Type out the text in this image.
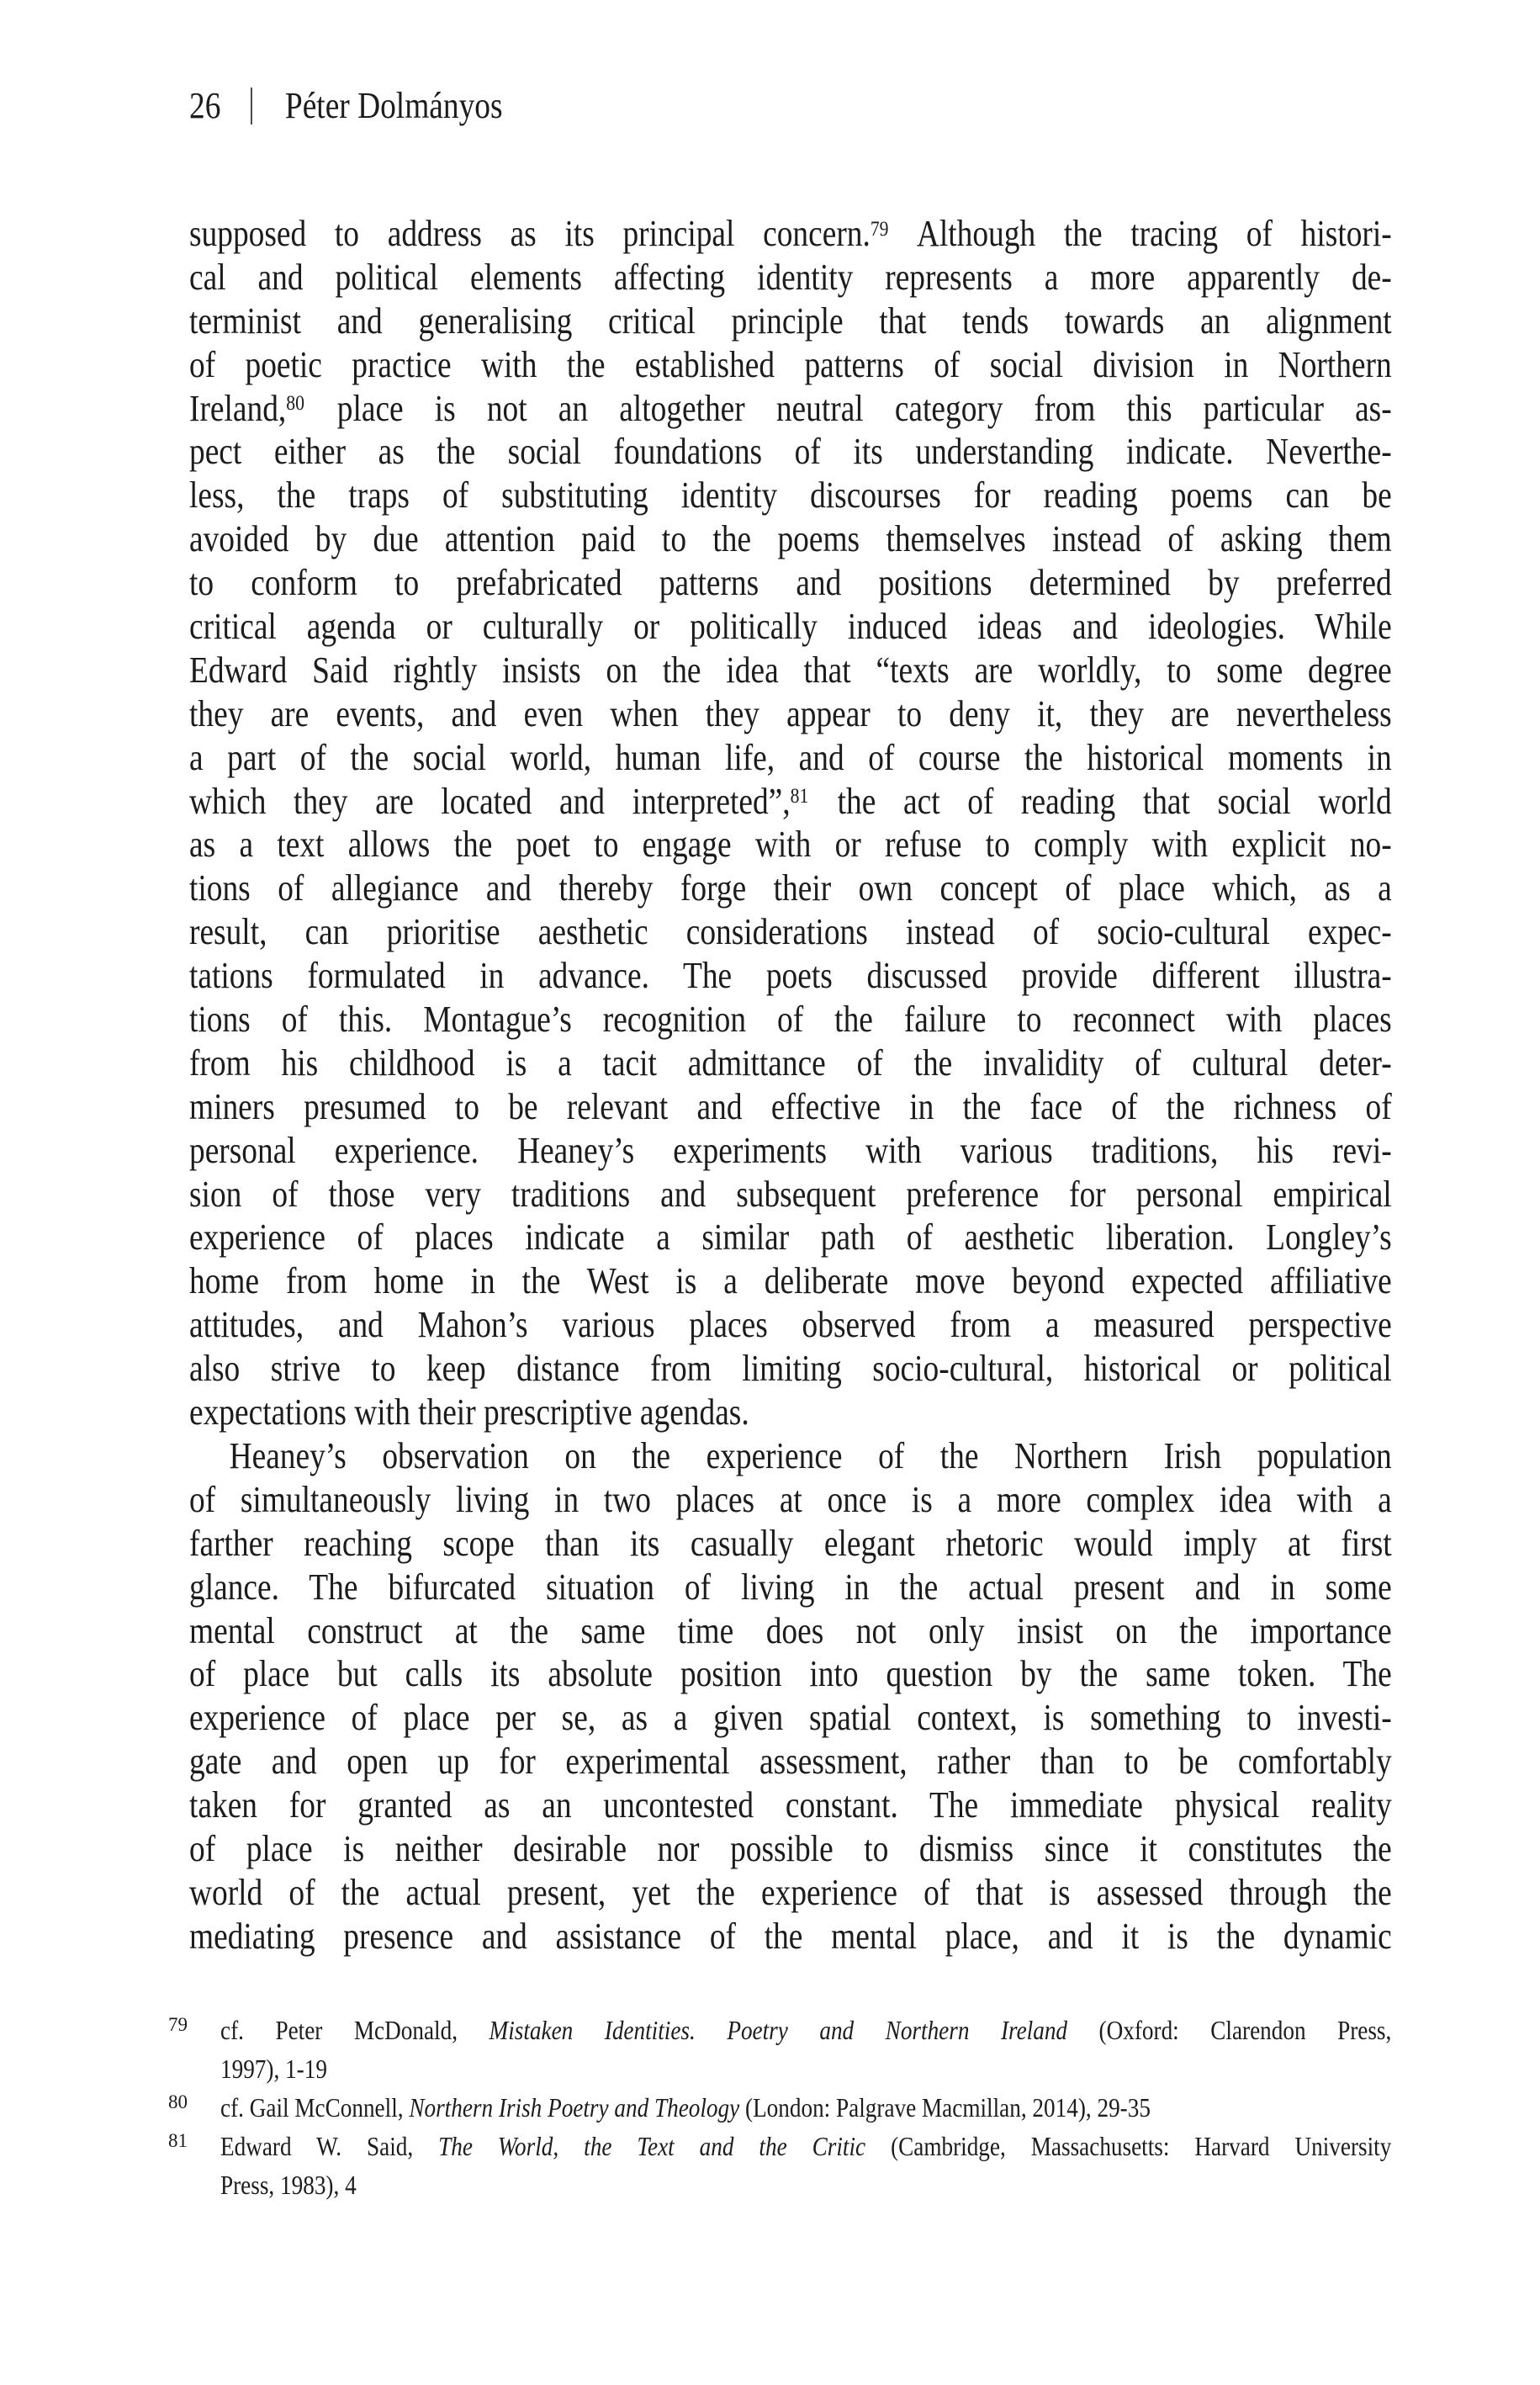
26 Péter Dolmányos
supposed to address as its principal concern.$^{79}$ Although the tracing of histori-
cal and political elements affecting identity represents a more apparently de-
terminist and generalising critical principle that tends towards an alignment
of poetic practice with the established patterns of social division in Northern
Ireland,$^{80}$ place is not an altogether neutral category from this particular as-
pect either as the social foundations of its understanding indicate. Neverthe-
less, the traps of substituting identity discourses for reading poems can be
avoided by due attention paid to the poems themselves instead of asking them
to conform to prefabricated patterns and positions determined by preferred
critical agenda or culturally or politically induced ideas and ideologies. While
Edward Said rightly insists on the idea that “texts are worldly, to some degree
they are events, and even when they appear to deny it, they are nevertheless
a part of the social world, human life, and of course the historical moments in
which they are located and interpreted”,$^{81}$ the act of reading that social world
as a text allows the poet to engage with or refuse to comply with explicit no-
tions of allegiance and thereby forge their own concept of place which, as a
result, can prioritise aesthetic considerations instead of socio-cultural expec-
tations formulated in advance. The poets discussed provide different illustra-
tions of this. Montague’s recognition of the failure to reconnect with places
from his childhood is a tacit admittance of the invalidity of cultural deter-
miners presumed to be relevant and effective in the face of the richness of
personal experience. Heaney’s experiments with various traditions, his revi-
sion of those very traditions and subsequent preference for personal empirical
experience of places indicate a similar path of aesthetic liberation. Longley’s
home from home in the West is a deliberate move beyond expected affiliative
attitudes, and Mahon’s various places observed from a measured perspective
also strive to keep distance from limiting socio-cultural, historical or political
expectations with their prescriptive agendas.
Heaney’s observation on the experience of the Northern Irish population
of simultaneously living in two places at once is a more complex idea with a
farther reaching scope than its casually elegant rhetoric would imply at first
glance. The bifurcated situation of living in the actual present and in some
mental construct at the same time does not only insist on the importance
of place but calls its absolute position into question by the same token. The
experience of place per se, as a given spatial context, is something to investi-
gate and open up for experimental assessment, rather than to be comfortably
taken for granted as an uncontested constant. The immediate physical reality
of place is neither desirable nor possible to dismiss since it constitutes the
world of the actual present, yet the experience of that is assessed through the
mediating presence and assistance of the mental place, and it is the dynamic
79	cf. Peter McDonald, Mistaken Identities. Poetry and Northern Ireland (Oxford: Clarendon Press,
1997), 1-19
80	cf. Gail McConnell, Northern Irish Poetry and Theology (London: Palgrave Macmillan, 2014), 29-35
81	Edward W. Said, The World, the Text and the Critic (Cambridge, Massachusetts: Harvard University
Press, 1983), 4
